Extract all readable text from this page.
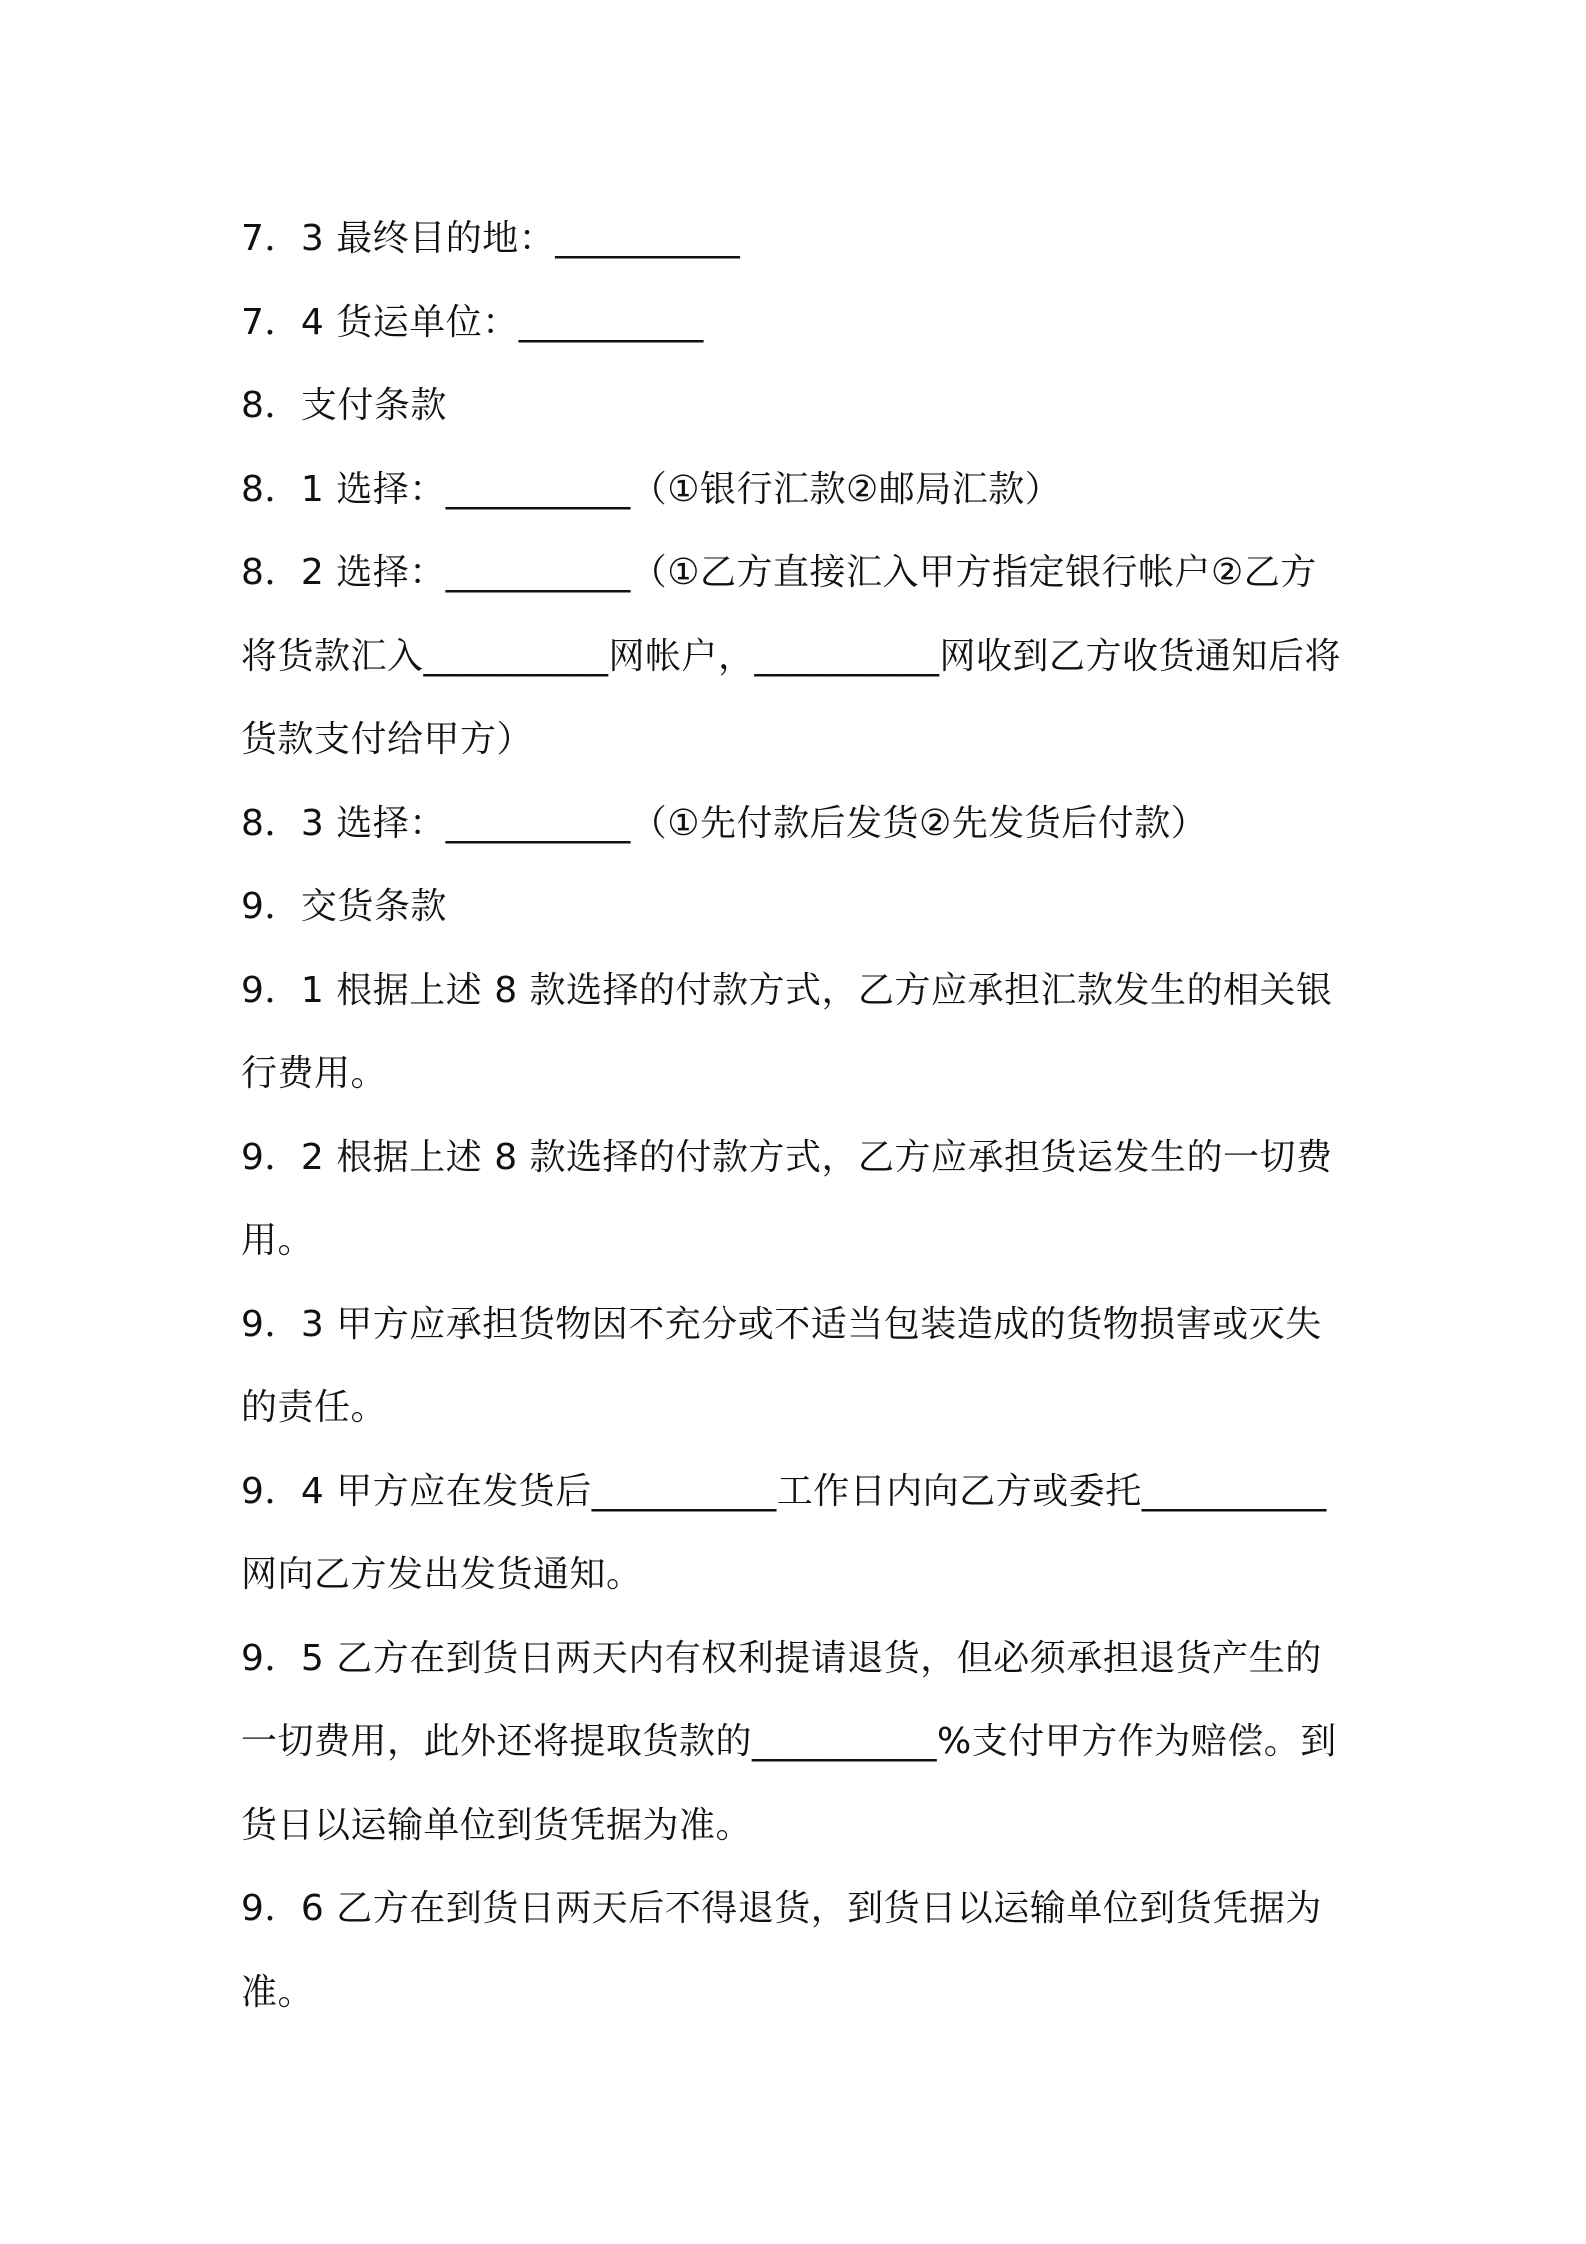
7．3 最终目的地：__________
7．4 货运单位：__________
8．支付条款
8．1 选择：__________（①银行汇款②邮局汇款）
8．2 选择：__________（①乙方直接汇入甲方指定银行帐户②乙方
将货款汇入__________网帐户，__________网收到乙方收货通知后将
货款支付给甲方）
8．3 选择：__________（①先付款后发货②先发货后付款）
9．交货条款
9．1 根据上述 8 款选择的付款方式，乙方应承担汇款发生的相关银
行费用。
9．2 根据上述 8 款选择的付款方式，乙方应承担货运发生的一切费
用。
9．3 甲方应承担货物因不充分或不适当包装造成的货物损害或灭失
的责任。
9．4 甲方应在发货后__________工作日内向乙方或委托__________
网向乙方发出发货通知。
9．5 乙方在到货日两天内有权利提请退货，但必须承担退货产生的
一切费用，此外还将提取货款的__________%支付甲方作为赔偿。到
货日以运输单位到货凭据为准。
9．6 乙方在到货日两天后不得退货，到货日以运输单位到货凭据为
准。
